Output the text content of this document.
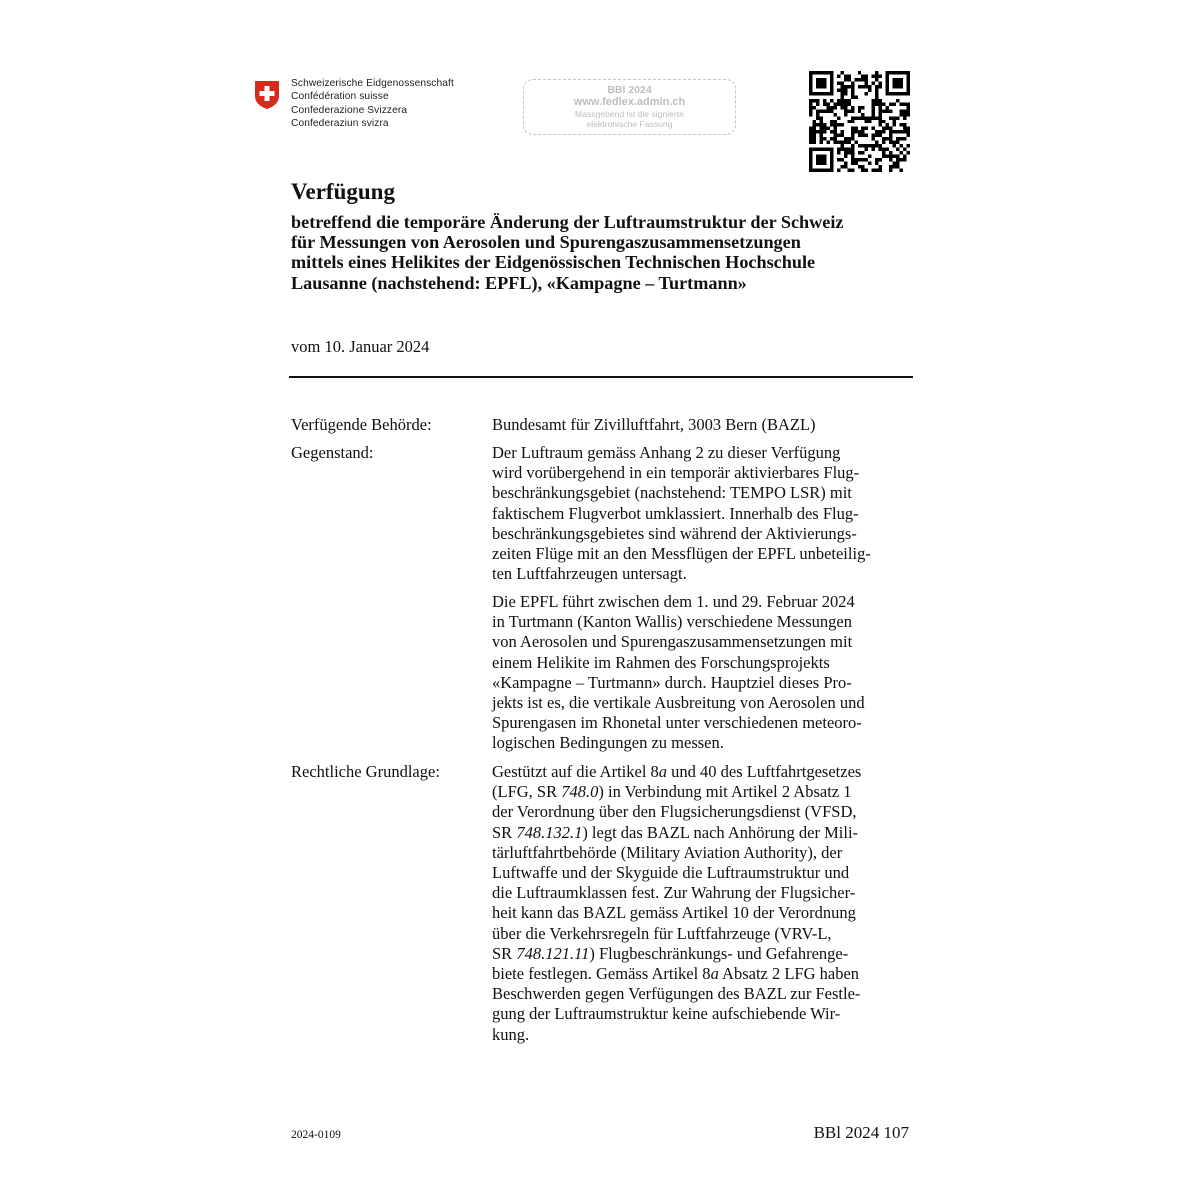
Schweizerische Eidgenossenschaft
Confédération suisse
Confederazione Svizzera
Confederaziun svizra
BBl 2024
www.fedlex.admin.ch
Massgebend ist die signierte
elektronische Fassung
Verfügung
betreffend die temporäre Änderung der Luftraumstruktur der Schweiz
für Messungen von Aerosolen und Spurengaszusammensetzungen
mittels eines Helikites der Eidgenössischen Technischen Hochschule
Lausanne (nachstehend: EPFL), «Kampagne – Turtmann»
vom 10. Januar 2024
Verfügende Behörde:	Bundesamt für Zivilluftfahrt, 3003 Bern (BAZL)
Gegenstand:	Der Luftraum gemäss Anhang 2 zu dieser Verfügung
wird vorübergehend in ein temporär aktivierbares Flug-
beschränkungsgebiet (nachstehend: TEMPO LSR) mit
faktischem Flugverbot umklassiert. Innerhalb des Flug-
beschränkungsgebietes sind während der Aktivierungs-
zeiten Flüge mit an den Messflügen der EPFL unbeteilig-
ten Luftfahrzeugen untersagt.
Die EPFL führt zwischen dem 1. und 29. Februar 2024
in Turtmann (Kanton Wallis) verschiedene Messungen
von Aerosolen und Spurengaszusammensetzungen mit
einem Helikite im Rahmen des Forschungsprojekts
«Kampagne – Turtmann» durch. Hauptziel dieses Pro-
jekts ist es, die vertikale Ausbreitung von Aerosolen und
Spurengasen im Rhonetal unter verschiedenen meteoro-
logischen Bedingungen zu messen.
Rechtliche Grundlage:	Gestützt auf die Artikel 8a und 40 des Luftfahrtgesetzes
(LFG, SR 748.0) in Verbindung mit Artikel 2 Absatz 1
der Verordnung über den Flugsicherungsdienst (VFSD,
SR 748.132.1) legt das BAZL nach Anhörung der Mili-
tärluftfahrtbehörde (Military Aviation Authority), der
Luftwaffe und der Skyguide die Luftraumstruktur und
die Luftraumklassen fest. Zur Wahrung der Flugsicher-
heit kann das BAZL gemäss Artikel 10 der Verordnung
über die Verkehrsregeln für Luftfahrzeuge (VRV-L,
SR 748.121.11) Flugbeschränkungs- und Gefahrenge-
biete festlegen. Gemäss Artikel 8a Absatz 2 LFG haben
Beschwerden gegen Verfügungen des BAZL zur Festle-
gung der Luftraumstruktur keine aufschiebende Wir-
kung.
2024-0109	BBl 2024 107
